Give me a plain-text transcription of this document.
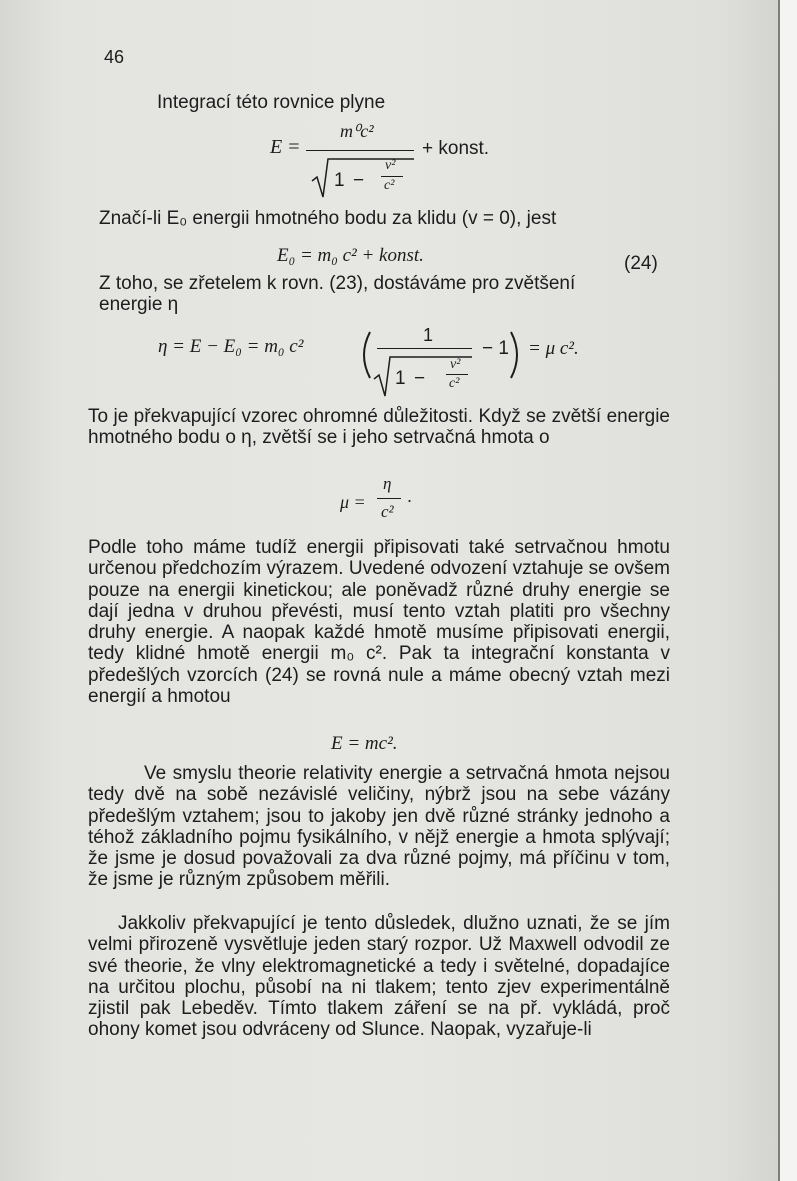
46
Integrací této rovnice plyne
E =
m⁰c²
1 −
v²
c²
+ konst.
Značí-li E₀ energii hmotného bodu za klidu (v = 0), jest
E₀ = m₀ c² + konst.	(24)
Z toho, se zřetelem k rovn. (23), dostáváme pro zvětšení
energie η
η = E − E₀ = m₀ c²
1
1 −
v²
c²
− 1 = μ c².

To je překvapující vzorec ohromné důležitosti. Když se zvětší energie hmotného bodu o η, zvětší se i jeho setrvačná hmota o

μ =
η
c²
.

Podle toho máme tudíž energii připisovati také setrvačnou hmotu určenou předchozím výrazem. Uvedené odvození vztahuje se ovšem pouze na energii kinetickou; ale poněvadž různé druhy energie se dají jedna v druhou převésti, musí tento vztah platiti pro všechny druhy energie. A naopak každé hmotě musíme připisovati energii, tedy klidné hmotě energii m₀ c². Pak ta integrační konstanta v předešlých vzorcích (24) se rovná nule a máme obecný vztah mezi energií a hmotou

E = mc².

Ve smyslu theorie relativity energie a setrvačná hmota nejsou tedy dvě na sobě nezávislé veličiny, nýbrž jsou na sebe vázány předešlým vztahem; jsou to jakoby jen dvě různé stránky jednoho a téhož základního pojmu fysikálního, v nějž energie a hmota splývají; že jsme je dosud považovali za dva různé pojmy, má příčinu v tom, že jsme je různým způsobem měřili.

Jakkoliv překvapující je tento důsledek, dlužno uznati, že se jím velmi přirozeně vysvětluje jeden starý rozpor. Už Maxwell odvodil ze své theorie, že vlny elektromagnetické a tedy i světelné, dopadajíce na určitou plochu, působí na ni tlakem; tento zjev experimentálně zjistil pak Lebeděv. Tímto tlakem záření se na př. vykládá, proč ohony komet jsou odvráceny od Slunce. Naopak, vyzařuje-li
